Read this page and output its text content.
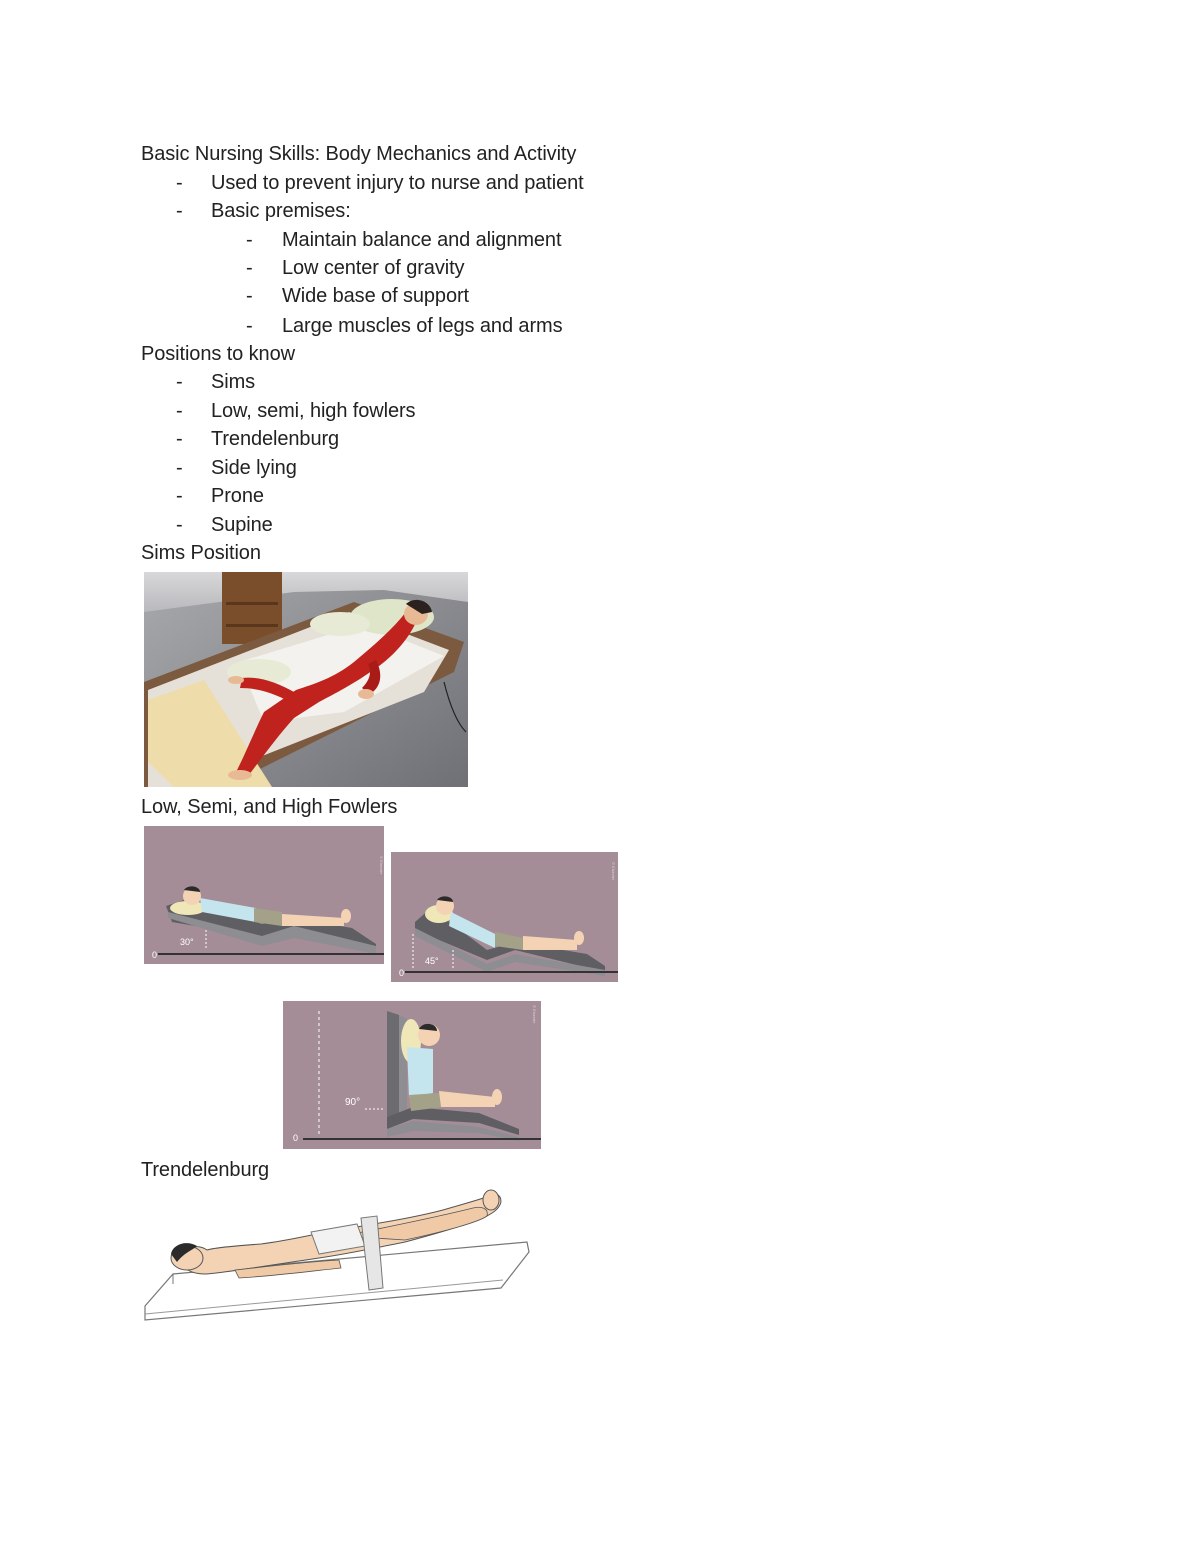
Basic Nursing Skills: Body Mechanics and Activity
- Used to prevent injury to nurse and patient
- Basic premises:
- Maintain balance and alignment
- Low center of gravity
- Wide base of support
- Large muscles of legs and arms
Positions to know
- Sims
- Low, semi, high fowlers
- Trendelenburg
- Side lying
- Prone
- Supine
Sims Position
Low, Semi, and High Fowlers
30°
0
© Elsevier
45°
0
© Elsevier
90°
0
© Elsevier
Trendelenburg
